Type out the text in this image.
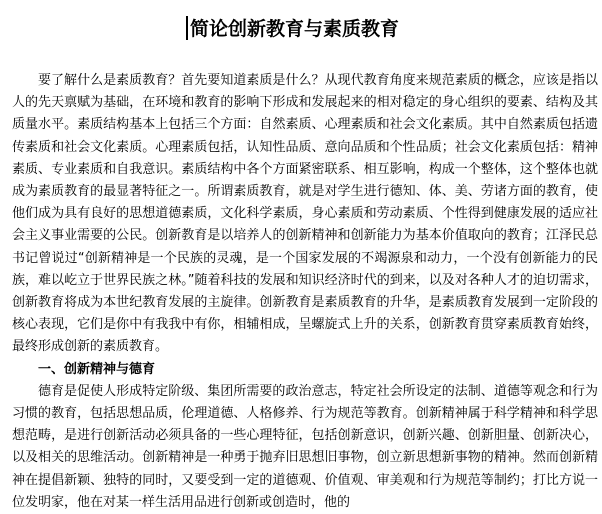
简论创新教育与素质教育

要了解什么是素质教育？首先要知道素质是什么？从现代教育角度来规范素质的概念，应该是指以人的先天禀赋为基础，在环境和教育的影响下形成和发展起来的相对稳定的身心组织的要素、结构及其质量水平。素质结构基本上包括三个方面：自然素质、心理素质和社会文化素质。其中自然素质包括遗传素质和社会文化素质。心理素质包括，认知性品质、意向品质和个性品质；社会文化素质包括：精神素质、专业素质和自我意识。素质结构中各个方面紧密联系、相互影响，构成一个整体，这个整体也就成为素质教育的最显著特征之一。所谓素质教育，就是对学生进行德知、体、美、劳诸方面的教育，使他们成为具有良好的思想道德素质，文化科学素质，身心素质和劳动素质、个性得到健康发展的适应社会主义事业需要的公民。创新教育是以培养人的创新精神和创新能力为基本价值取向的教育；江泽民总书记曾说过“创新精神是一个民族的灵魂，是一个国家发展的不竭源泉和动力，一个没有创新能力的民族，难以屹立于世界民族之林。”随着科技的发展和知识经济时代的到来，以及对各种人才的迫切需求，创新教育将成为本世纪教育发展的主旋律。创新教育是素质教育的升华，是素质教育发展到一定阶段的核心表现，它们是你中有我我中有你，相辅相成，呈螺旋式上升的关系，创新教育贯穿素质教育始终，最终形成创新的素质教育。

一、创新精神与德育

德育是促使人形成特定阶级、集团所需要的政治意志，特定社会所设定的法制、道德等观念和行为习惯的教育，包括思想品质，伦理道德、人格修养、行为规范等教育。创新精神属于科学精神和科学思想范畴，是进行创新活动必须具备的一些心理特征，包括创新意识，创新兴趣、创新胆量、创新决心，以及相关的思维活动。创新精神是一种勇于抛弃旧思想旧事物，创立新思想新事物的精神。然而创新精神在提倡新颖、独特的同时，又要受到一定的道德观、价值观、审美观和行为规范等制约；打比方说一位发明家，他在对某一样生活用品进行创新或创造时，他的
